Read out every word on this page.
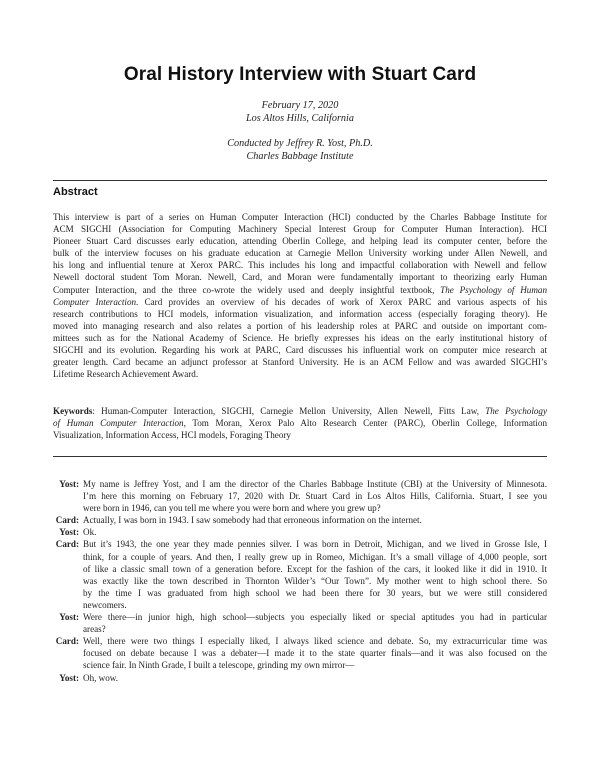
Oral History Interview with Stuart Card
February 17, 2020
Los Altos Hills, California
Conducted by Jeffrey R. Yost, Ph.D.
Charles Babbage Institute
Abstract
This interview is part of a series on Human Computer Interaction (HCI) conducted by the Charles Babbage Institute for
ACM SIGCHI (Association for Computing Machinery Special Interest Group for Computer Human Interaction). HCI
Pioneer Stuart Card discusses early education, attending Oberlin College, and helping lead its computer center, before the
bulk of the interview focuses on his graduate education at Carnegie Mellon University working under Allen Newell, and
his long and influential tenure at Xerox PARC. This includes his long and impactful collaboration with Newell and fellow
Newell doctoral student Tom Moran. Newell, Card, and Moran were fundamentally important to theorizing early Human
Computer Interaction, and the three co-wrote the widely used and deeply insightful textbook, The Psychology of Human
Computer Interaction. Card provides an overview of his decades of work of Xerox PARC and various aspects of his
research contributions to HCI models, information visualization, and information access (especially foraging theory). He
moved into managing research and also relates a portion of his leadership roles at PARC and outside on important com-
mittees such as for the National Academy of Science. He briefly expresses his ideas on the early institutional history of
SIGCHI and its evolution. Regarding his work at PARC, Card discusses his influential work on computer mice research at
greater length. Card became an adjunct professor at Stanford University. He is an ACM Fellow and was awarded SIGCHI’s
Lifetime Research Achievement Award.
Keywords: Human-Computer Interaction, SIGCHI, Carnegie Mellon University, Allen Newell, Fitts Law, The Psychology
of Human Computer Interaction, Tom Moran, Xerox Palo Alto Research Center (PARC), Oberlin College, Information
Visualization, Information Access, HCI models, Foraging Theory
Yost: My name is Jeffrey Yost, and I am the director of the Charles Babbage Institute (CBI) at the University of Minnesota.
I’m here this morning on February 17, 2020 with Dr. Stuart Card in Los Altos Hills, California. Stuart, I see you
were born in 1946, can you tell me where you were born and where you grew up?
Card: Actually, I was born in 1943. I saw somebody had that erroneous information on the internet.
Yost: Ok.
Card: But it’s 1943, the one year they made pennies silver. I was born in Detroit, Michigan, and we lived in Grosse Isle, I
think, for a couple of years. And then, I really grew up in Romeo, Michigan. It’s a small village of 4,000 people, sort
of like a classic small town of a generation before. Except for the fashion of the cars, it looked like it did in 1910. It
was exactly like the town described in Thornton Wilder’s “Our Town”. My mother went to high school there. So
by the time I was graduated from high school we had been there for 30 years, but we were still considered
newcomers.
Yost: Were there—in junior high, high school—subjects you especially liked or special aptitudes you had in particular
areas?
Card: Well, there were two things I especially liked, I always liked science and debate. So, my extracurricular time was
focused on debate because I was a debater—I made it to the state quarter finals—and it was also focused on the
science fair. In Ninth Grade, I built a telescope, grinding my own mirror—
Yost: Oh, wow.
